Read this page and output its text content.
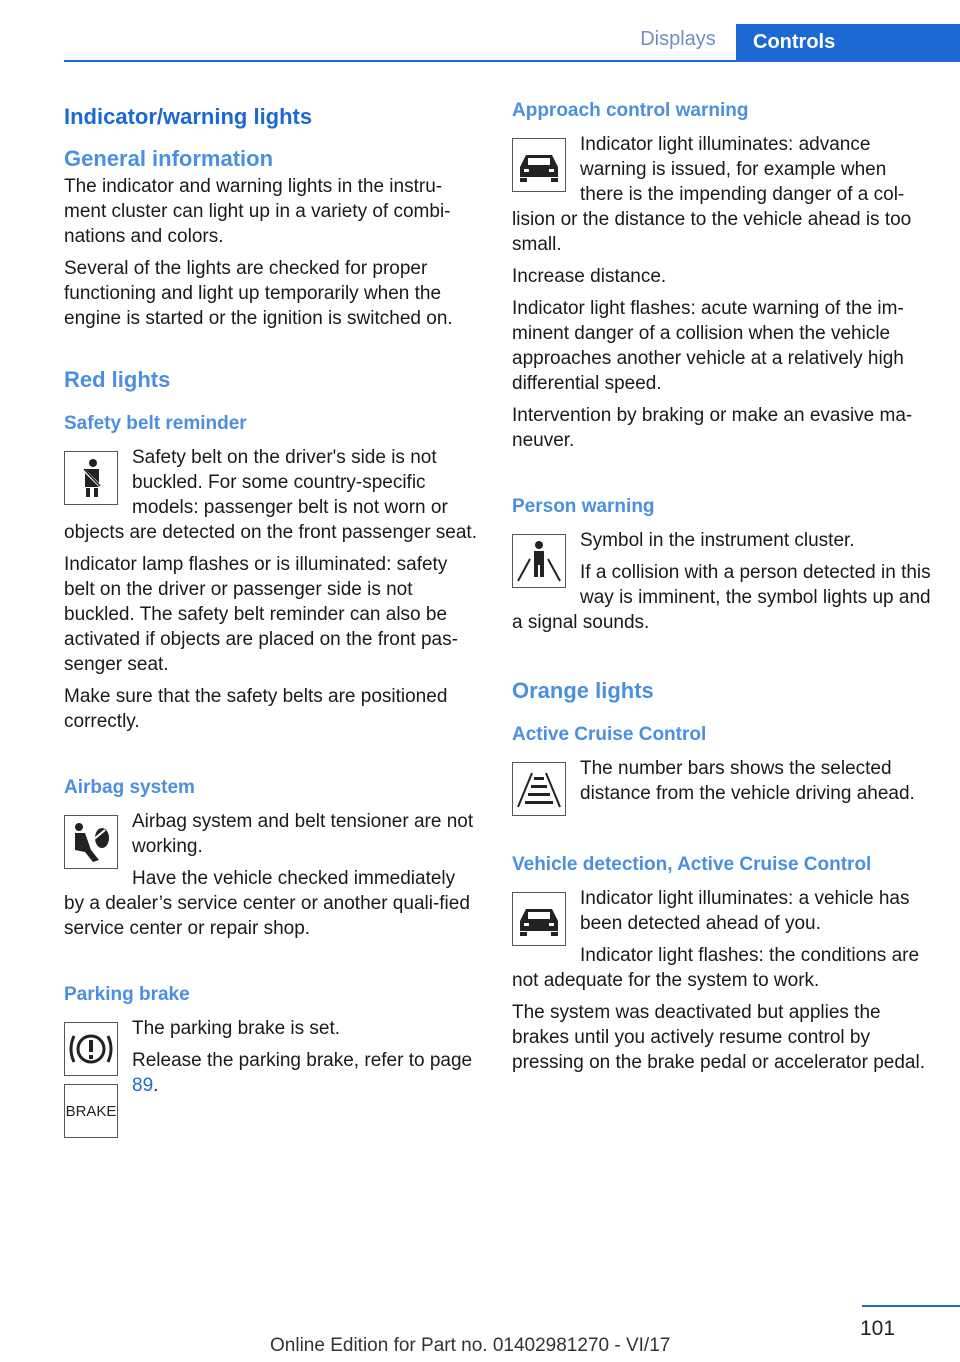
Displays	Controls
Indicator/warning lights
General information

The indicator and warning lights in the instru-ment cluster can light up in a variety of combi-nations and colors.

Several of the lights are checked for proper functioning and light up temporarily when the engine is started or the ignition is switched on.

Red lights
Safety belt reminder

Safety belt on the driver's side is not buckled. For some country-specific models: passenger belt is not worn or objects are detected on the front passenger seat.

Indicator lamp flashes or is illuminated: safety belt on the driver or passenger side is not buckled. The safety belt reminder can also be activated if objects are placed on the front pas-senger seat.

Make sure that the safety belts are positioned correctly.

Airbag system

Airbag system and belt tensioner are not working.

Have the vehicle checked immediately by a dealer’s service center or another quali-fied service center or repair shop.

Parking brake
BRAKE

The parking brake is set.

Release the parking brake, refer to page 89.

Approach control warning

Indicator light illuminates: advance warning is issued, for example when there is the impending danger of a col-lision or the distance to the vehicle ahead is too small.

Increase distance.

Indicator light flashes: acute warning of the im-minent danger of a collision when the vehicle approaches another vehicle at a relatively high differential speed.

Intervention by braking or make an evasive ma-neuver.

Person warning

Symbol in the instrument cluster.

If a collision with a person detected in this way is imminent, the symbol lights up and a signal sounds.

Orange lights
Active Cruise Control

The number bars shows the selected distance from the vehicle driving ahead.

Vehicle detection, Active Cruise Control

Indicator light illuminates: a vehicle has been detected ahead of you.

Indicator light flashes: the conditions are not adequate for the system to work.

The system was deactivated but applies the brakes until you actively resume control by pressing on the brake pedal or accelerator pedal.

101
Online Edition for Part no. 01402981270 - VI/17
